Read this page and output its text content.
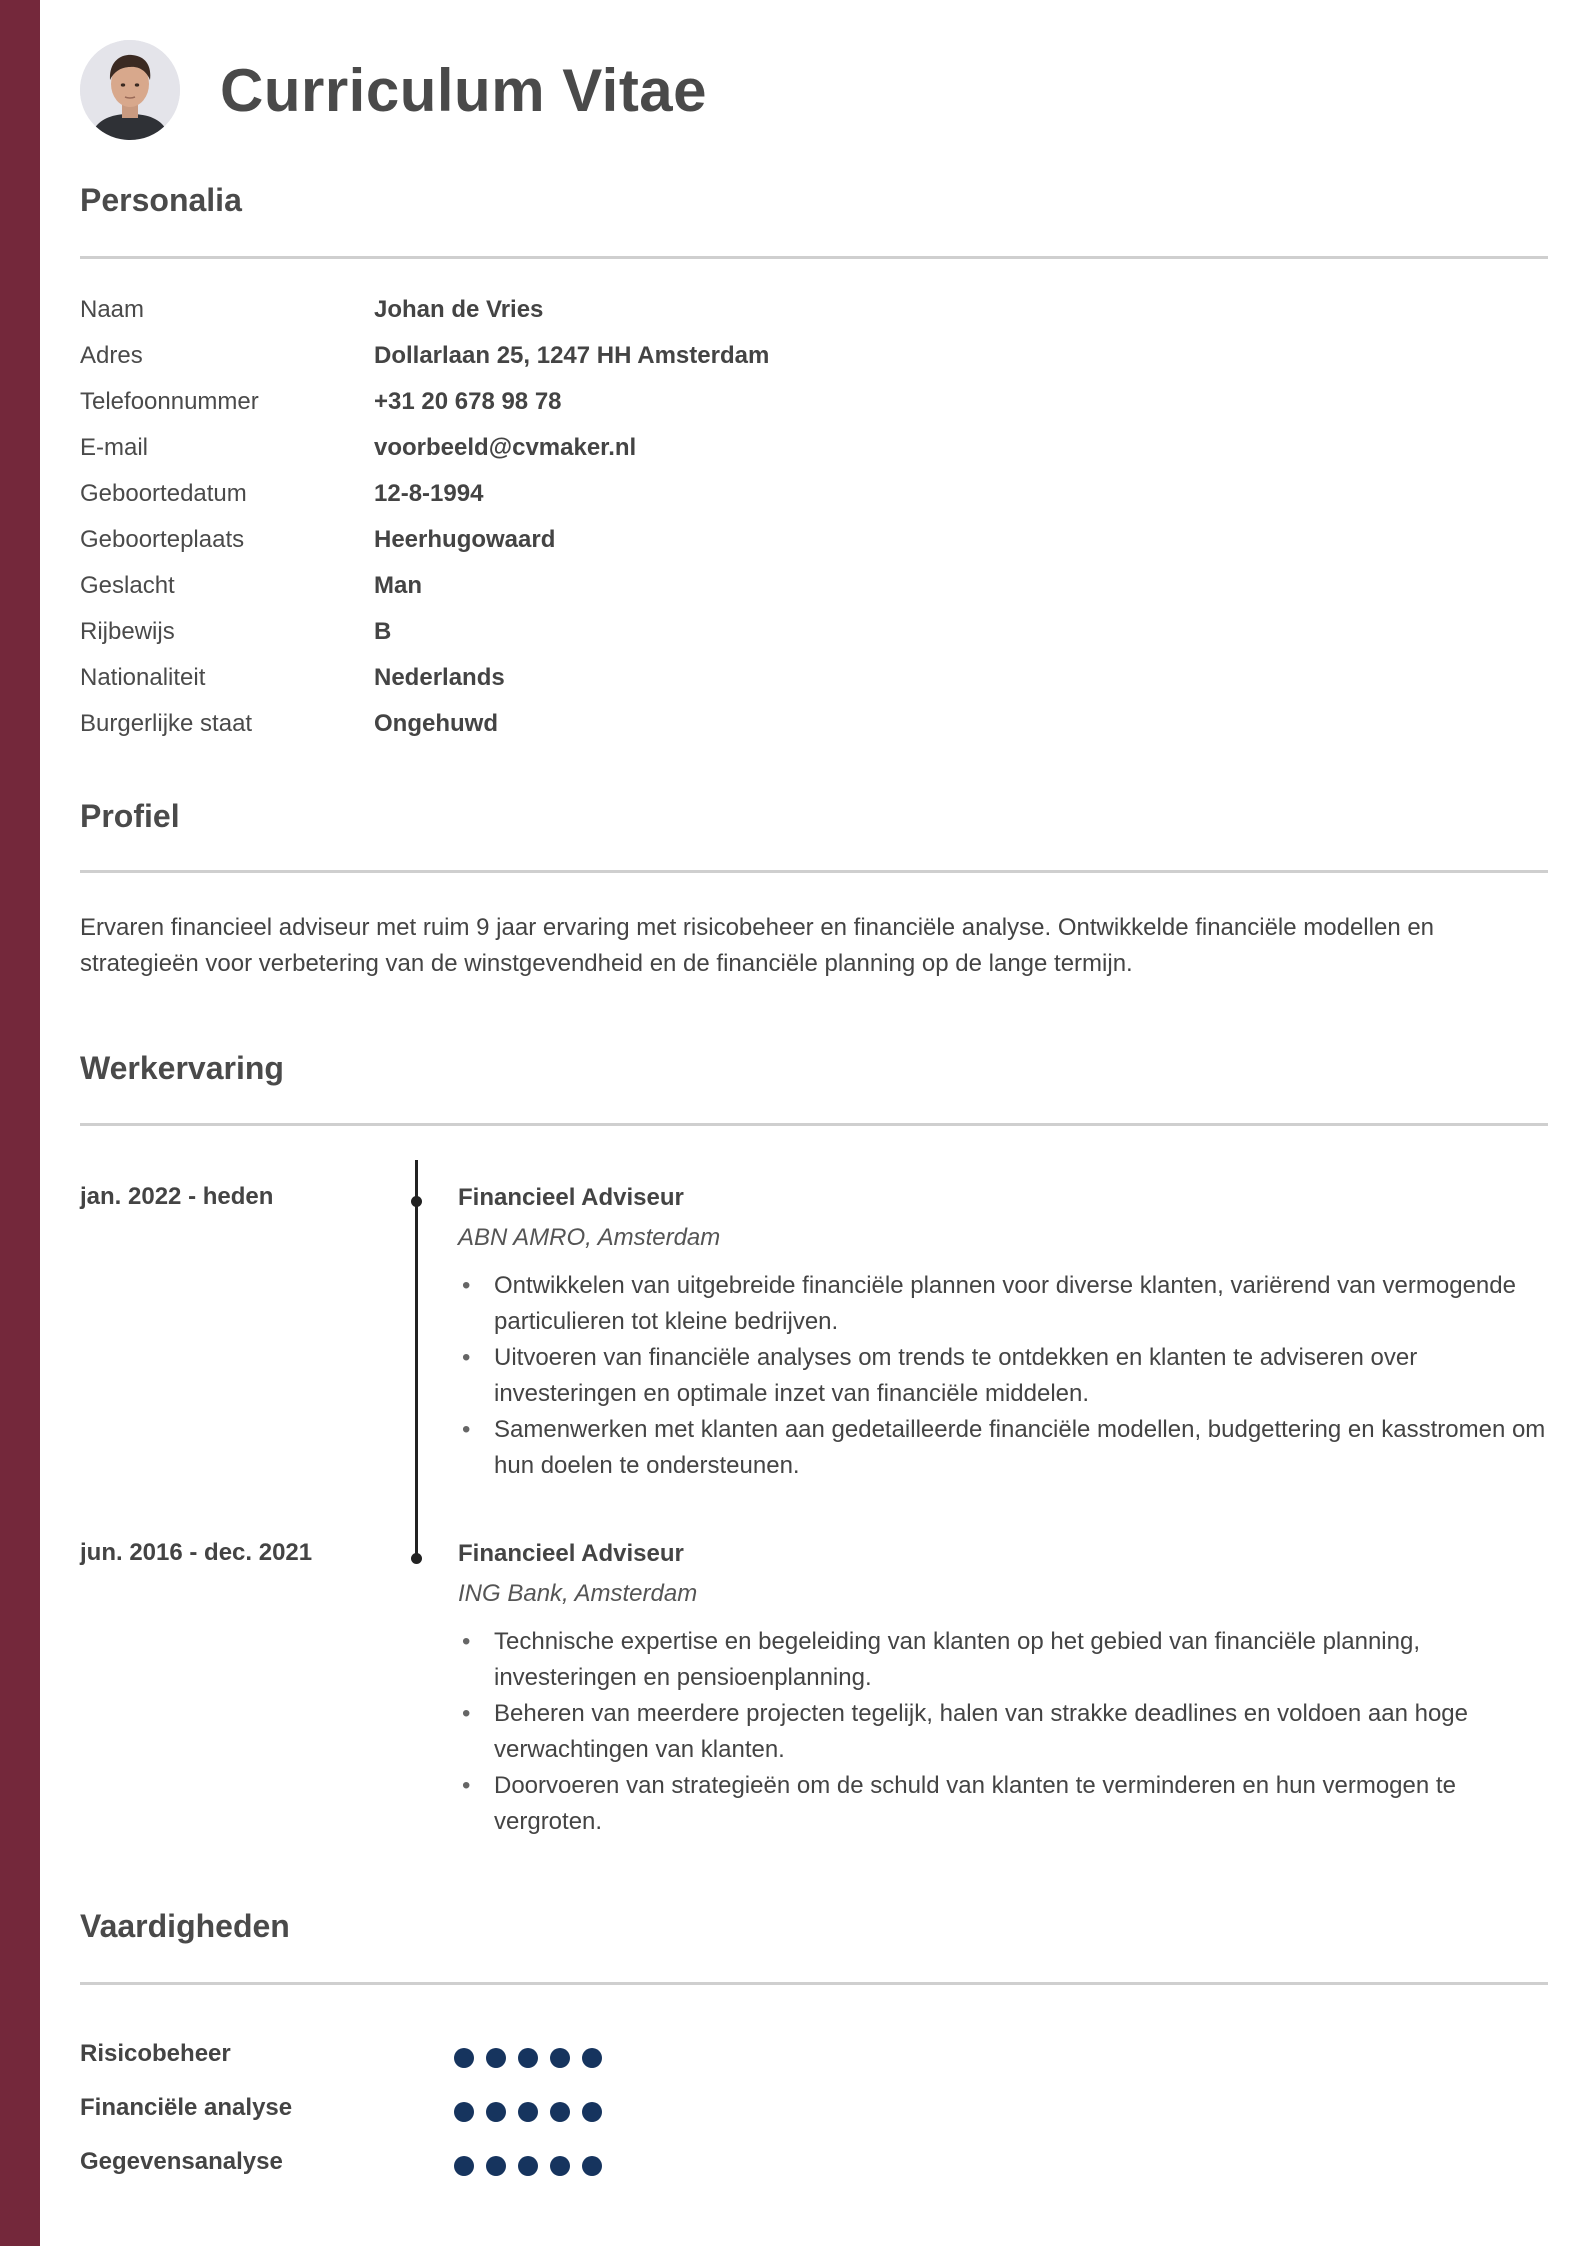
Curriculum Vitae
Personalia
Naam	Johan de Vries
Adres	Dollarlaan 25, 1247 HH Amsterdam
Telefoonnummer	+31 20 678 98 78
E-mail	voorbeeld@cvmaker.nl
Geboortedatum	12-8-1994
Geboorteplaats	Heerhugowaard
Geslacht	Man
Rijbewijs	B
Nationaliteit	Nederlands
Burgerlijke staat	Ongehuwd
Profiel
Ervaren financieel adviseur met ruim 9 jaar ervaring met risicobeheer en financiële analyse. Ontwikkelde financiële modellen en strategieën voor verbetering van de winstgevendheid en de financiële planning op de lange termijn.
Werkervaring
jan. 2022 - heden	Financieel Adviseur
ABN AMRO, Amsterdam
• Ontwikkelen van uitgebreide financiële plannen voor diverse klanten, variërend van vermogende particulieren tot kleine bedrijven.
• Uitvoeren van financiële analyses om trends te ontdekken en klanten te adviseren over investeringen en optimale inzet van financiële middelen.
• Samenwerken met klanten aan gedetailleerde financiële modellen, budgettering en kasstromen om hun doelen te ondersteunen.
jun. 2016 - dec. 2021	Financieel Adviseur
ING Bank, Amsterdam
• Technische expertise en begeleiding van klanten op het gebied van financiële planning, investeringen en pensioenplanning.
• Beheren van meerdere projecten tegelijk, halen van strakke deadlines en voldoen aan hoge verwachtingen van klanten.
• Doorvoeren van strategieën om de schuld van klanten te verminderen en hun vermogen te vergroten.
Vaardigheden
Risicobeheer
Financiële analyse
Gegevensanalyse
